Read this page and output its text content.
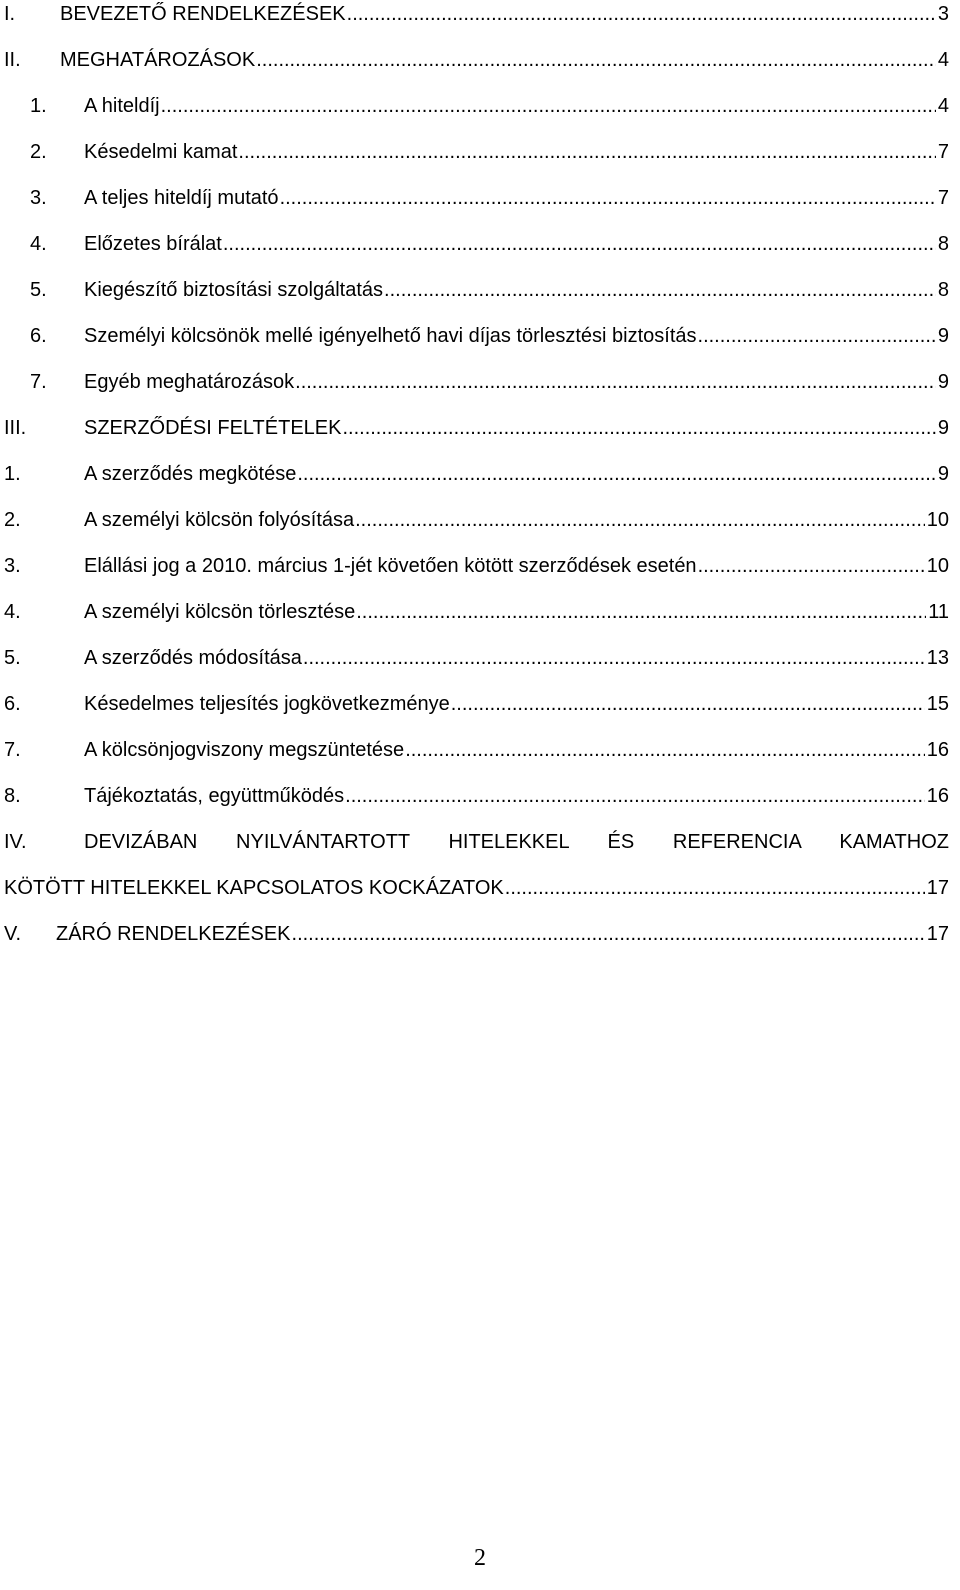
I.	BEVEZETŐ RENDELKEZÉSEK .....	3
II.	MEGHATÁROZÁSOK .....	4
1.	A hiteldíj .....	4
2.	Késedelmi kamat .....	7
3.	A teljes hiteldíj mutató .....	7
4.	Előzetes bírálat .....	8
5.	Kiegészítő biztosítási szolgáltatás .....	8
6.	Személyi kölcsönök mellé igényelhető havi díjas törlesztési biztosítás .....	9
7.	Egyéb meghatározások .....	9
III.	SZERZŐDÉSI FELTÉTELEK .....	9
1.	A szerződés megkötése .....	9
2.	A személyi kölcsön folyósítása .....	10
3.	Elállási jog a 2010. március 1-jét követően kötött szerződések esetén .....	10
4.	A személyi kölcsön törlesztése .....	11
5.	A szerződés módosítása .....	13
6.	Késedelmes teljesítés jogkövetkezménye .....	15
7.	A kölcsönjogviszony megszüntetése .....	16
8.	Tájékoztatás, együttműködés .....	16
IV.	DEVIZÁBAN NYILVÁNTARTOTT HITELEKKEL ÉS REFERENCIA KAMATHOZ
KÖTÖTT HITELEKKEL KAPCSOLATOS KOCKÁZATOK .....	17
V.	ZÁRÓ RENDELKEZÉSEK .....	17
2
